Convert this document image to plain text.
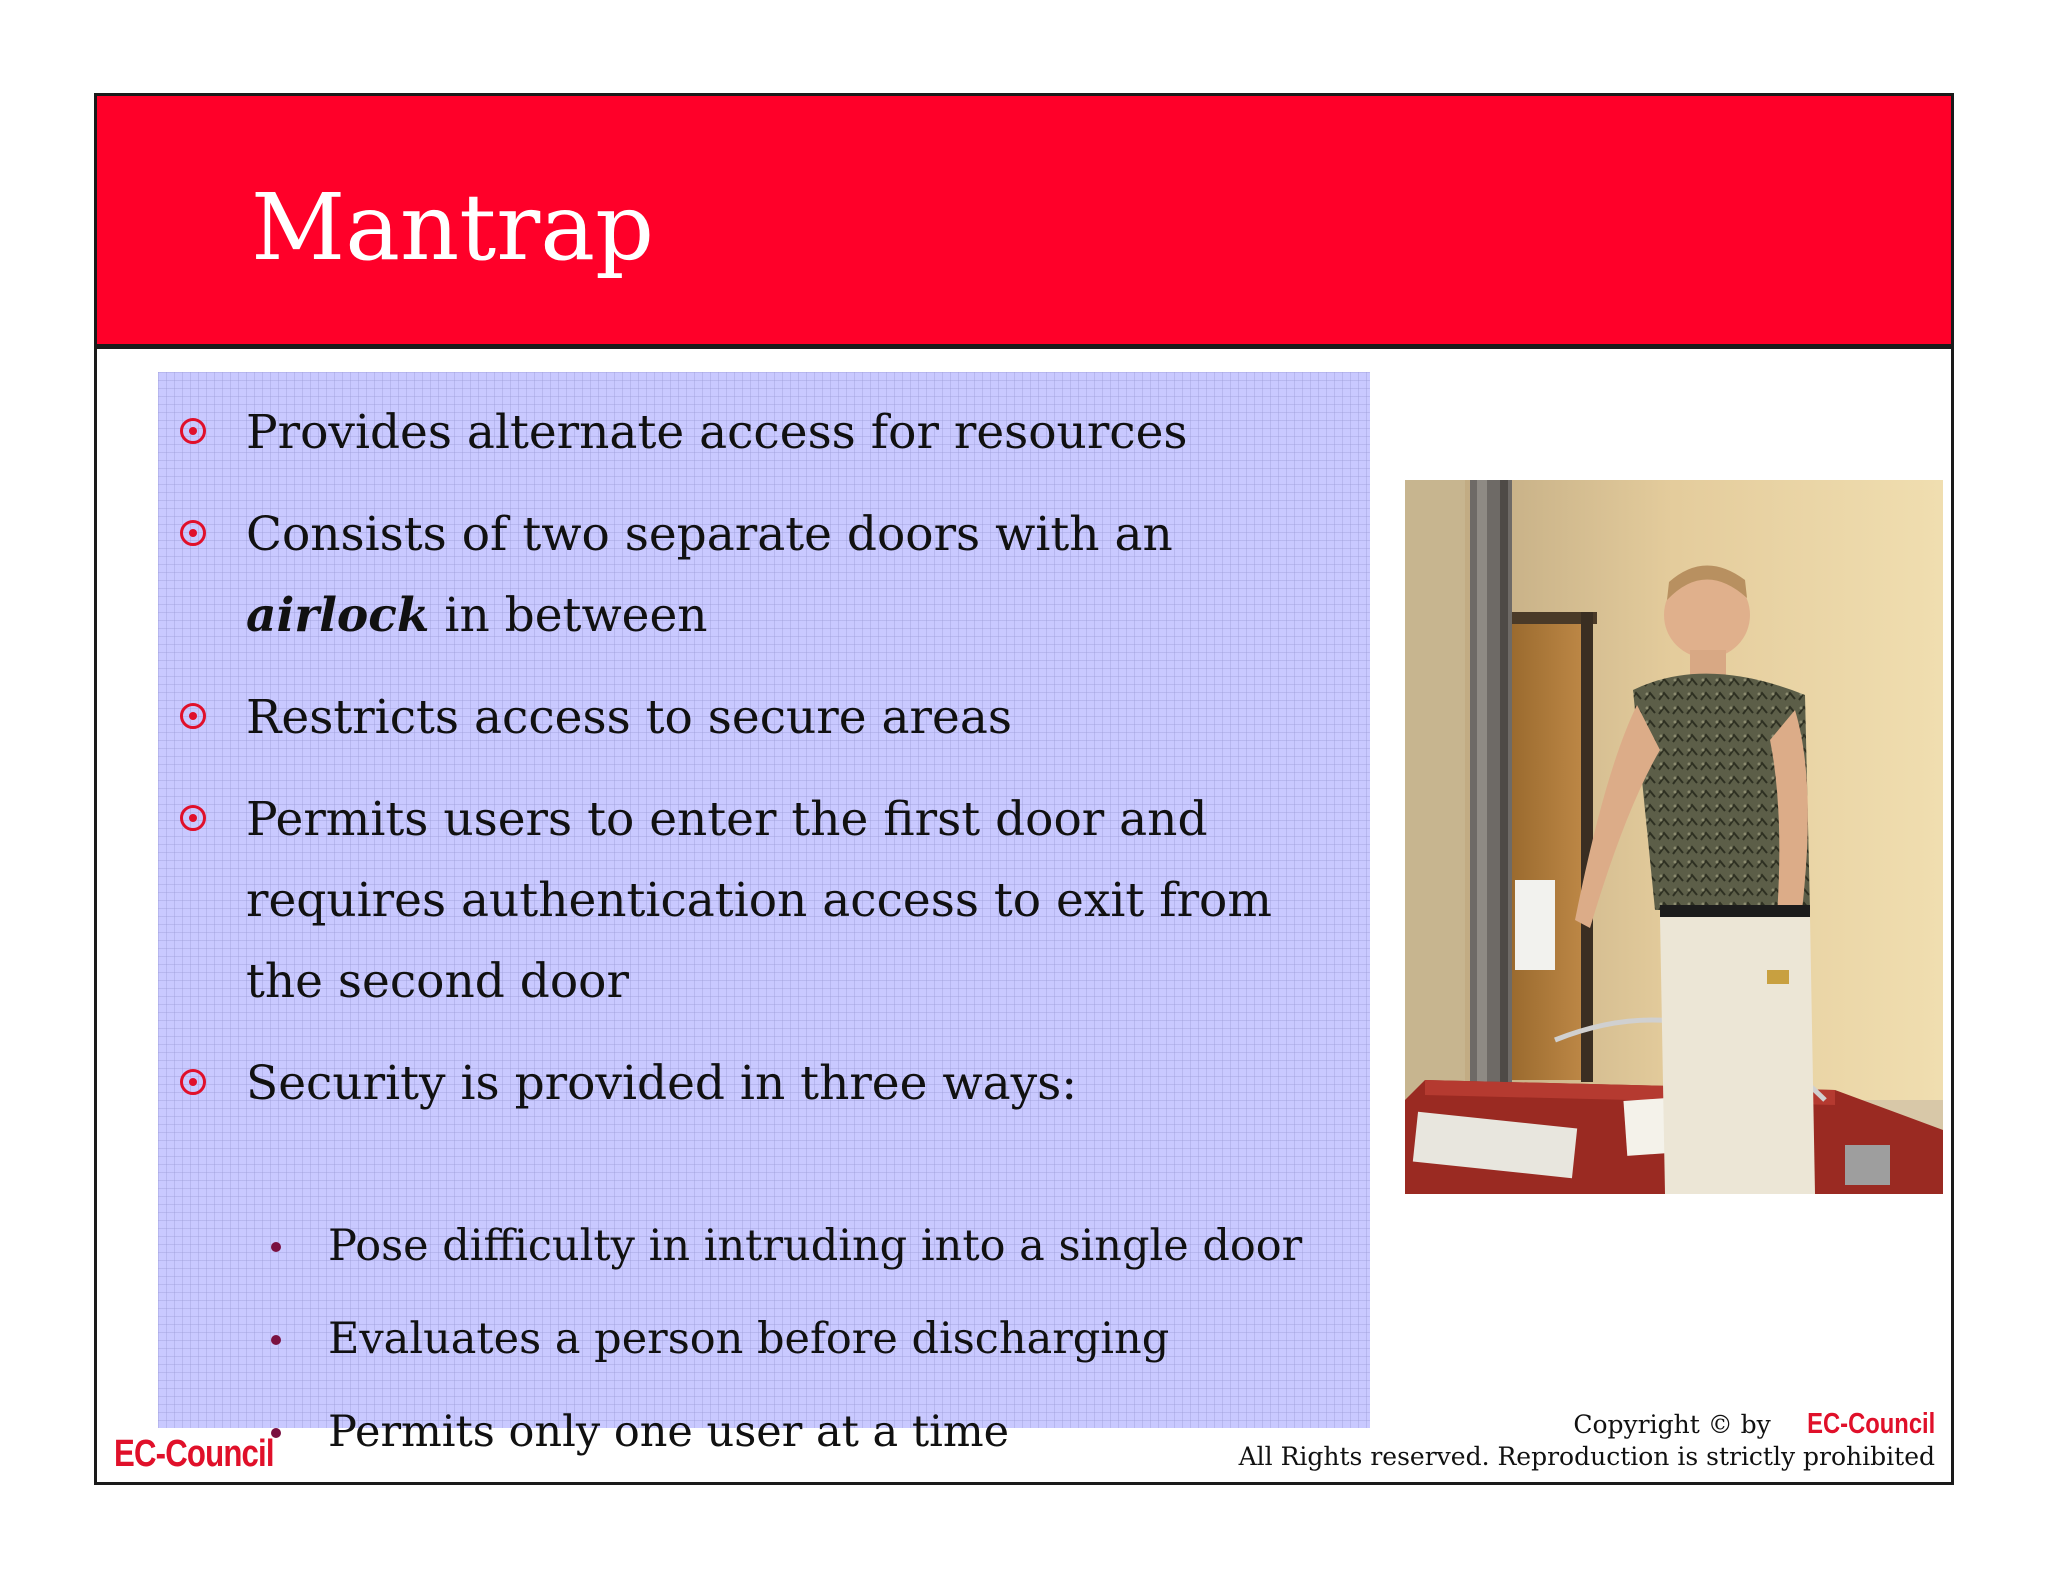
Mantrap
Provides alternate access for resources
Consists of two separate doors with an airlock in between
Restricts access to secure areas
Permits users to enter the first door and requires authentication access to exit from the second door
Security is provided in three ways:
Pose difficulty in intruding into a single door
Evaluates a person before discharging
Permits only one user at a time
EC-Council
Copyright © by EC-Council
All Rights reserved. Reproduction is strictly prohibited
